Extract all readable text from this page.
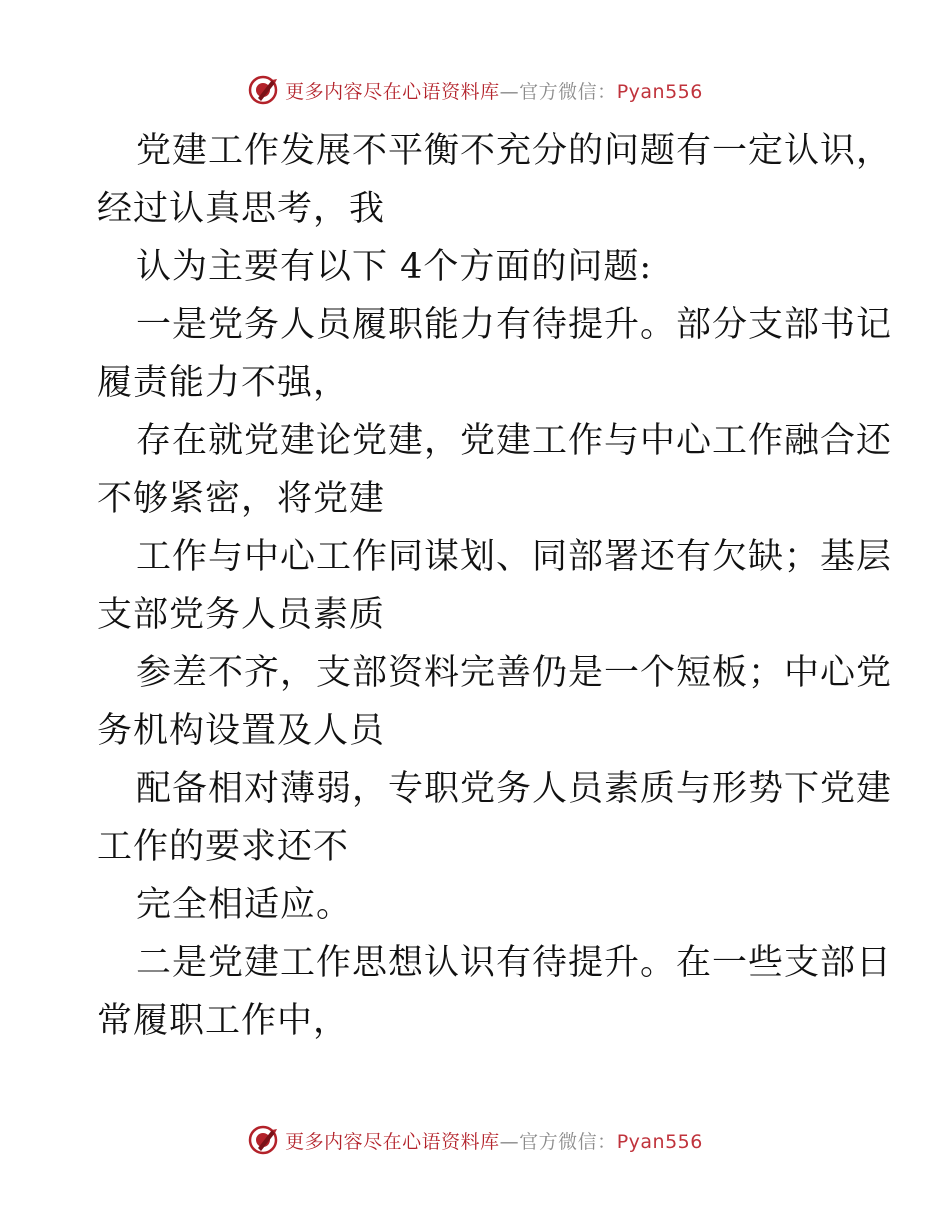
更多内容尽在心语资料库—官方微信：Pyan556
党建工作发展不平衡不充分的问题有一定认识，
经过认真思考，我
认为主要有以下 4个方面的问题:
一是党务人员履职能力有待提升。部分支部书记
履责能力不强，
存在就党建论党建，党建工作与中心工作融合还
不够紧密，将党建
工作与中心工作同谋划、同部署还有欠缺；基层
支部党务人员素质
参差不齐，支部资料完善仍是一个短板；中心党
务机构设置及人员
配备相对薄弱，专职党务人员素质与形势下党建
工作的要求还不
完全相适应。
二是党建工作思想认识有待提升。在一些支部日
常履职工作中，
更多内容尽在心语资料库—官方微信：Pyan556
